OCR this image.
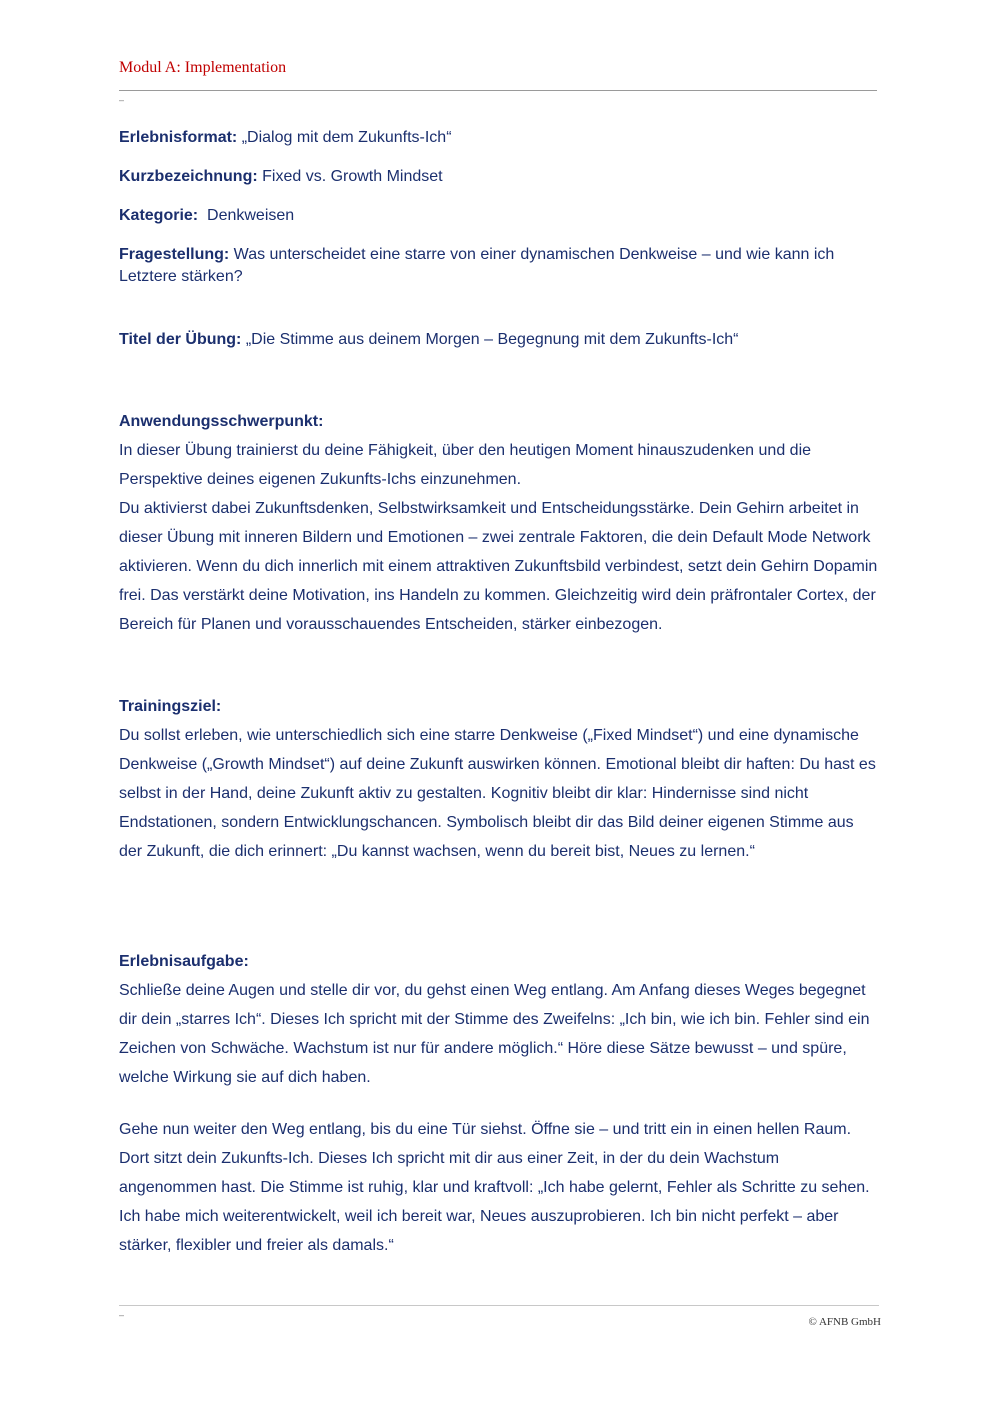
Modul A: Implementation
–
Erlebnisformat: „Dialog mit dem Zukunfts-Ich“
Kurzbezeichnung: Fixed vs. Growth Mindset
Kategorie:  Denkweisen
Fragestellung: Was unterscheidet eine starre von einer dynamischen Denkweise – und wie kann ich Letztere stärken?
Titel der Übung: „Die Stimme aus deinem Morgen – Begegnung mit dem Zukunfts-Ich“
Anwendungsschwerpunkt:

In dieser Übung trainierst du deine Fähigkeit, über den heutigen Moment hinauszudenken und die Perspektive deines eigenen Zukunfts-Ichs einzunehmen.

Du aktivierst dabei Zukunftsdenken, Selbstwirksamkeit und Entscheidungsstärke. Dein Gehirn arbeitet in dieser Übung mit inneren Bildern und Emotionen – zwei zentrale Faktoren, die dein Default Mode Network aktivieren. Wenn du dich innerlich mit einem attraktiven Zukunftsbild verbindest, setzt dein Gehirn Dopamin frei. Das verstärkt deine Motivation, ins Handeln zu kommen. Gleichzeitig wird dein präfrontaler Cortex, der Bereich für Planen und vorausschauendes Entscheiden, stärker einbezogen.

Trainingsziel:

Du sollst erleben, wie unterschiedlich sich eine starre Denkweise („Fixed Mindset“) und eine dynamische Denkweise („Growth Mindset“) auf deine Zukunft auswirken können. Emotional bleibt dir haften: Du hast es selbst in der Hand, deine Zukunft aktiv zu gestalten. Kognitiv bleibt dir klar: Hindernisse sind nicht Endstationen, sondern Entwicklungschancen. Symbolisch bleibt dir das Bild deiner eigenen Stimme aus der Zukunft, die dich erinnert: „Du kannst wachsen, wenn du bereit bist, Neues zu lernen.“

Erlebnisaufgabe:

Schließe deine Augen und stelle dir vor, du gehst einen Weg entlang. Am Anfang dieses Weges begegnet dir dein „starres Ich“. Dieses Ich spricht mit der Stimme des Zweifelns: „Ich bin, wie ich bin. Fehler sind ein Zeichen von Schwäche. Wachstum ist nur für andere möglich.“ Höre diese Sätze bewusst – und spüre, welche Wirkung sie auf dich haben.

Gehe nun weiter den Weg entlang, bis du eine Tür siehst. Öffne sie – und tritt ein in einen hellen Raum. Dort sitzt dein Zukunfts-Ich. Dieses Ich spricht mit dir aus einer Zeit, in der du dein Wachstum angenommen hast. Die Stimme ist ruhig, klar und kraftvoll: „Ich habe gelernt, Fehler als Schritte zu sehen. Ich habe mich weiterentwickelt, weil ich bereit war, Neues auszuprobieren. Ich bin nicht perfekt – aber stärker, flexibler und freier als damals.“

–
© AFNB GmbH
